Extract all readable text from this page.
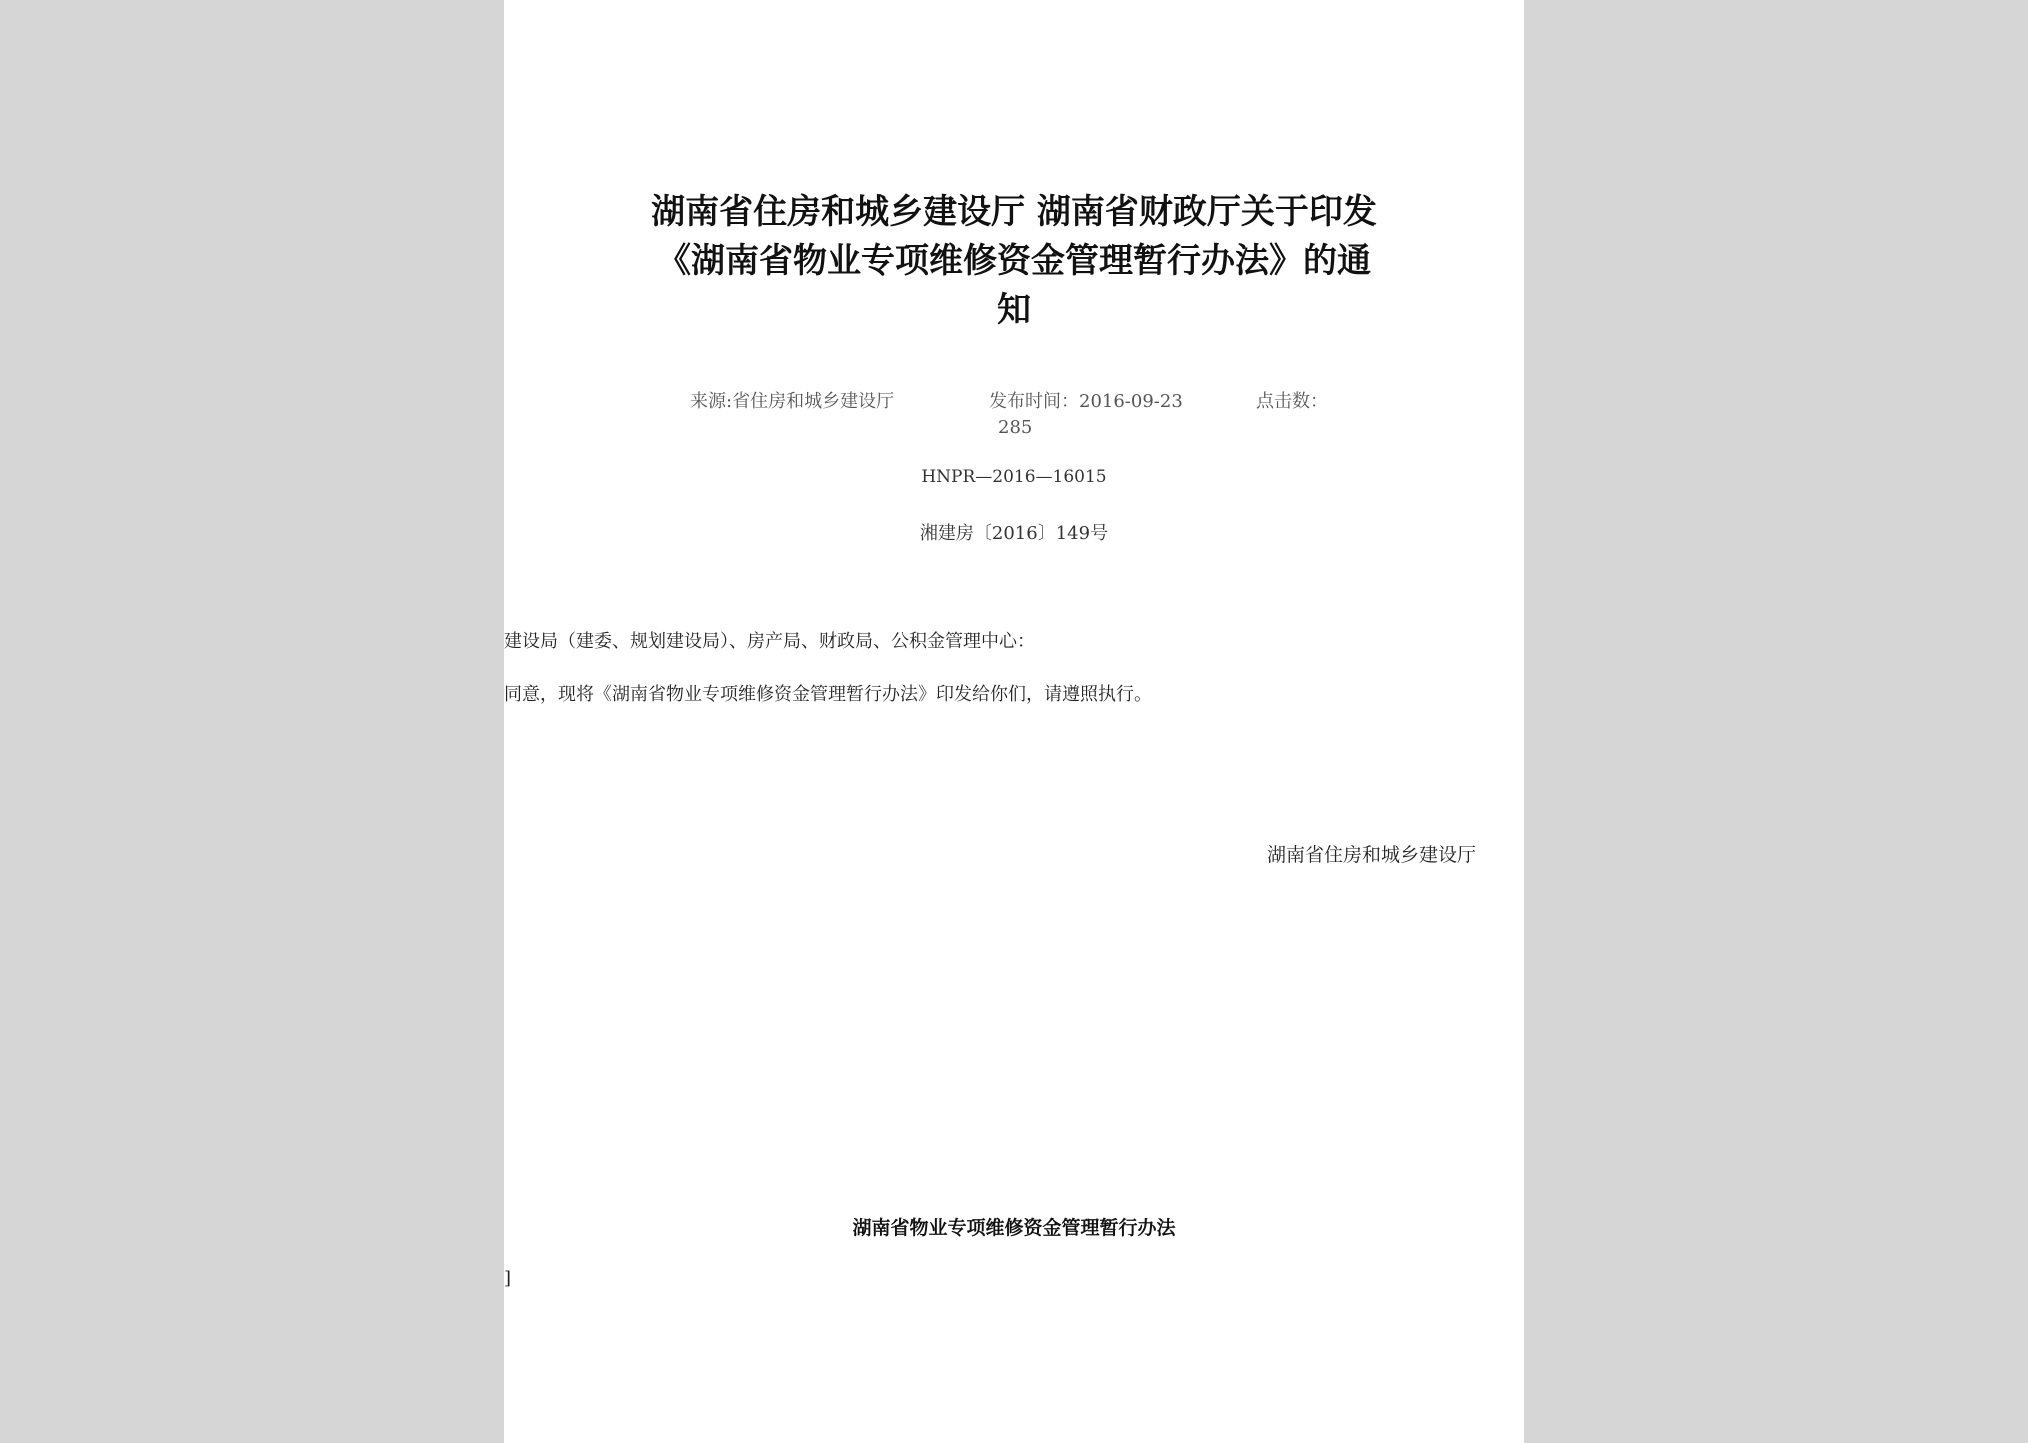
湖南省住房和城乡建设厅 湖南省财政厅关于印发《湖南省物业专项维修资金管理暂行办法》的通知
来源:省住房和城乡建设厅	发布时间：2016-09-23	点击数：
285
HNPR—2016—16015
湘建房〔2016〕149号
建设局（建委、规划建设局）、房产局、财政局、公积金管理中心：
同意，现将《湖南省物业专项维修资金管理暂行办法》印发给你们，请遵照执行。
湖南省住房和城乡建设厅
湖南省物业专项维修资金管理暂行办法
]
